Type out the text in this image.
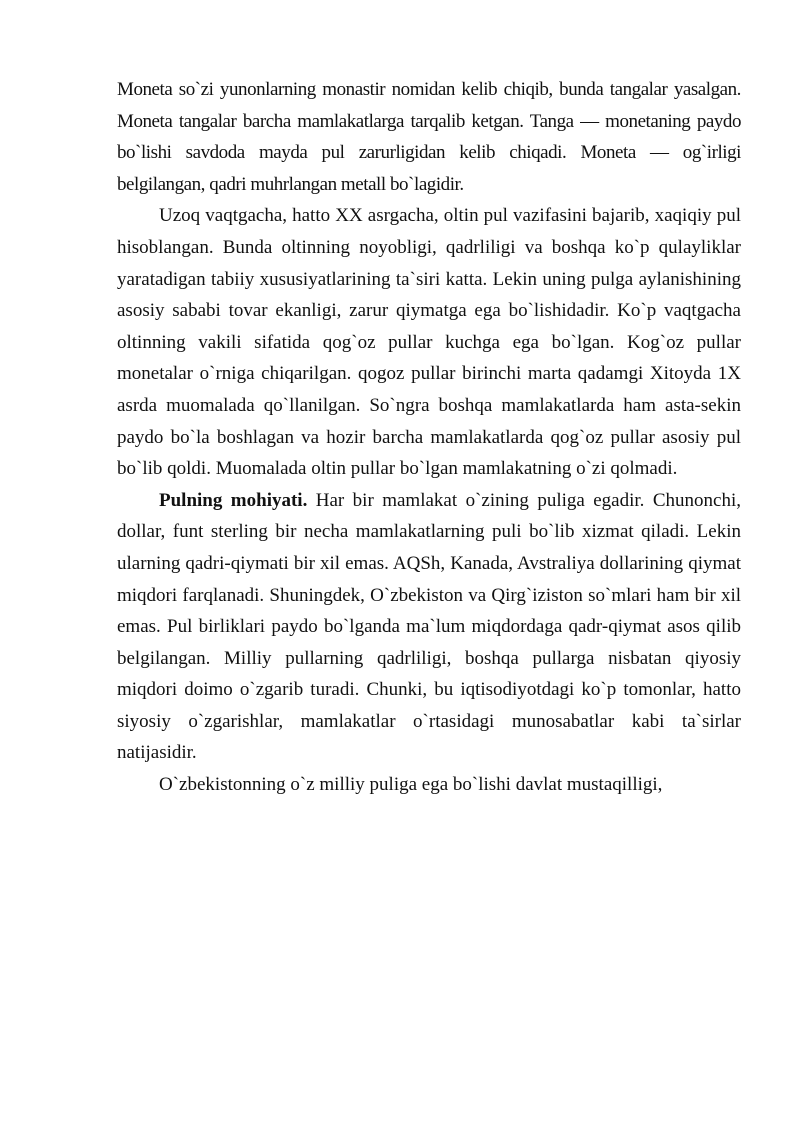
Moneta so`zi yunonlarning monastir nomidan kelib chiqib, bunda tangalar yasalgan. Moneta tangalar barcha mamlakatlarga tarqalib ketgan. Tanga — monetaning paydo bo`lishi savdoda mayda pul zarurligidan kelib chiqadi. Moneta — og`irligi belgilangan, qadri muhrlangan metall bo`lagidir.

Uzoq vaqtgacha, hatto XX asrgacha, oltin pul vazifasini bajarib, xaqiqiy pul hisoblangan. Bunda oltinning noyobligi, qadrliligi va boshqa ko`p qulayliklar yaratadigan tabiiy xususiyatlarining ta`siri katta. Lekin uning pulga aylanishining asosiy sababi tovar ekanligi, zarur qiymatga ega bo`lishidadir. Ko`p vaqtgacha oltinning vakili sifatida qog`oz pullar kuchga ega bo`lgan. Kog`oz pullar monetalar o`rniga chiqarilgan. qogoz pullar birinchi marta qadamgi Xitoyda 1X asrda muomalada qo`llanilgan. So`ngra boshqa mamlakatlarda ham asta-sekin paydo bo`la boshlagan va hozir barcha mamlakatlarda qog`oz pullar asosiy pul bo`lib qoldi. Muomalada oltin pullar bo`lgan mamlakatning o`zi qolmadi.

Pulning mohiyati. Har bir mamlakat o`zining puliga egadir. Chunonchi, dollar, funt sterling bir necha mamlakatlarning puli bo`lib xizmat qiladi. Lekin ularning qadri-qiymati bir xil emas. AQSh, Kanada, Avstraliya dollarining qiymat miqdori farqlanadi. Shuningdek, O`zbekiston va Qirg`iziston so`mlari ham bir xil emas. Pul birliklari paydo bo`lganda ma`lum miqdordaga qadr-qiymat asos qilib belgilangan. Milliy pullarning qadrliligi, boshqa pullarga nisbatan qiyosiy miqdori doimo o`zgarib turadi. Chunki, bu iqtisodiyotdagi ko`p tomonlar, hatto siyosiy o`zgarishlar, mamlakatlar o`rtasidagi munosabatlar kabi ta`sirlar natijasidir.

O`zbekistonning o`z milliy puliga ega bo`lishi davlat mustaqilligi,
